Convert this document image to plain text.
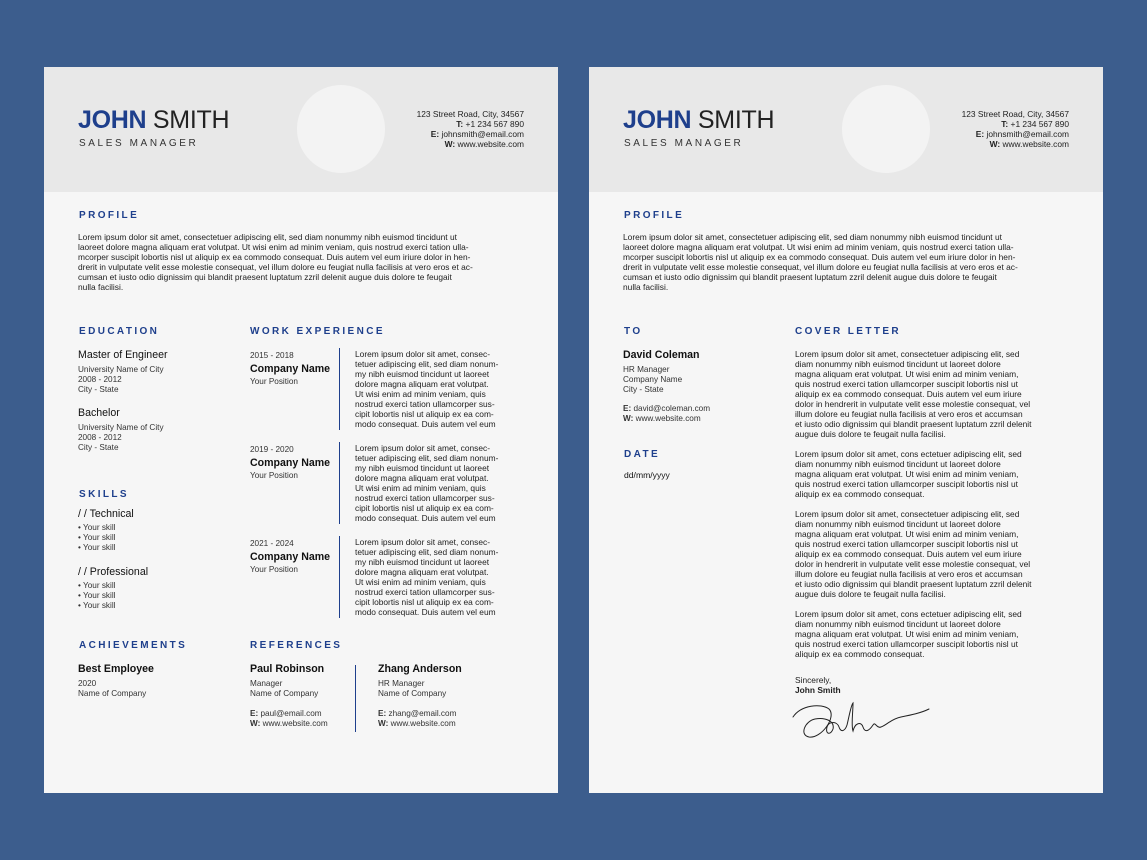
JOHN SMITH
SALES MANAGER
123 Street Road, City, 34567
T: +1 234 567 890
E: johnsmith@email.com
W: www.website.com
PROFILE
Lorem ipsum dolor sit amet, consectetuer adipiscing elit, sed diam nonummy nibh euismod tincidunt ut
laoreet dolore magna aliquam erat volutpat. Ut wisi enim ad minim veniam, quis nostrud exerci tation ulla-
mcorper suscipit lobortis nisl ut aliquip ex ea commodo consequat. Duis autem vel eum iriure dolor in hen-
drerit in vulputate velit esse molestie consequat, vel illum dolore eu feugiat nulla facilisis at vero eros et ac-
cumsan et iusto odio dignissim qui blandit praesent luptatum zzril delenit augue duis dolore te feugait
nulla facilisi.
EDUCATION
Master of Engineer
University Name of City
2008 - 2012
City - State
Bachelor
University Name of City
2008 - 2012
City - State
SKILLS
/ / Technical
• Your skill
• Your skill
• Your skill
/ / Professional
• Your skill
• Your skill
• Your skill
WORK EXPERIENCE
2015 - 2018
Company Name
Your Position
Lorem ipsum dolor sit amet, consec-
tetuer adipiscing elit, sed diam nonum-
my nibh euismod tincidunt ut laoreet
dolore magna aliquam erat volutpat.
Ut wisi enim ad minim veniam, quis
nostrud exerci tation ullamcorper sus-
cipit lobortis nisl ut aliquip ex ea com-
modo consequat. Duis autem vel eum
2019 - 2020
Company Name
Your Position
Lorem ipsum dolor sit amet, consec-
tetuer adipiscing elit, sed diam nonum-
my nibh euismod tincidunt ut laoreet
dolore magna aliquam erat volutpat.
Ut wisi enim ad minim veniam, quis
nostrud exerci tation ullamcorper sus-
cipit lobortis nisl ut aliquip ex ea com-
modo consequat. Duis autem vel eum
2021 - 2024
Company Name
Your Position
Lorem ipsum dolor sit amet, consec-
tetuer adipiscing elit, sed diam nonum-
my nibh euismod tincidunt ut laoreet
dolore magna aliquam erat volutpat.
Ut wisi enim ad minim veniam, quis
nostrud exerci tation ullamcorper sus-
cipit lobortis nisl ut aliquip ex ea com-
modo consequat. Duis autem vel eum
ACHIEVEMENTS
Best Employee
2020
Name of Company
REFERENCES
Paul Robinson
Manager
Name of Company
E: paul@email.com
W: www.website.com
Zhang Anderson
HR Manager
Name of Company
E: zhang@email.com
W: www.website.com
JOHN SMITH
SALES MANAGER
123 Street Road, City, 34567
T: +1 234 567 890
E: johnsmith@email.com
W: www.website.com
PROFILE
Lorem ipsum dolor sit amet, consectetuer adipiscing elit, sed diam nonummy nibh euismod tincidunt ut
laoreet dolore magna aliquam erat volutpat. Ut wisi enim ad minim veniam, quis nostrud exerci tation ulla-
mcorper suscipit lobortis nisl ut aliquip ex ea commodo consequat. Duis autem vel eum iriure dolor in hen-
drerit in vulputate velit esse molestie consequat, vel illum dolore eu feugiat nulla facilisis at vero eros et ac-
cumsan et iusto odio dignissim qui blandit praesent luptatum zzril delenit augue duis dolore te feugait
nulla facilisi.
TO
David Coleman
HR Manager
Company Name
City - State
E: david@coleman.com
W: www.website.com
DATE
dd/mm/yyyy
COVER LETTER
Lorem ipsum dolor sit amet, consectetuer adipiscing elit, sed
diam nonummy nibh euismod tincidunt ut laoreet dolore
magna aliquam erat volutpat. Ut wisi enim ad minim veniam,
quis nostrud exerci tation ullamcorper suscipit lobortis nisl ut
aliquip ex ea commodo consequat. Duis autem vel eum iriure
dolor in hendrerit in vulputate velit esse molestie consequat, vel
illum dolore eu feugiat nulla facilisis at vero eros et accumsan
et iusto odio dignissim qui blandit praesent luptatum zzril delenit
augue duis dolore te feugait nulla facilisi.
Lorem ipsum dolor sit amet, cons ectetuer adipiscing elit, sed
diam nonummy nibh euismod tincidunt ut laoreet dolore
magna aliquam erat volutpat. Ut wisi enim ad minim veniam,
quis nostrud exerci tation ullamcorper suscipit lobortis nisl ut
aliquip ex ea commodo consequat.
Lorem ipsum dolor sit amet, consectetuer adipiscing elit, sed
diam nonummy nibh euismod tincidunt ut laoreet dolore
magna aliquam erat volutpat. Ut wisi enim ad minim veniam,
quis nostrud exerci tation ullamcorper suscipit lobortis nisl ut
aliquip ex ea commodo consequat. Duis autem vel eum iriure
dolor in hendrerit in vulputate velit esse molestie consequat, vel
illum dolore eu feugiat nulla facilisis at vero eros et accumsan
et iusto odio dignissim qui blandit praesent luptatum zzril delenit
augue duis dolore te feugait nulla facilisi.
Lorem ipsum dolor sit amet, cons ectetuer adipiscing elit, sed
diam nonummy nibh euismod tincidunt ut laoreet dolore
magna aliquam erat volutpat. Ut wisi enim ad minim veniam,
quis nostrud exerci tation ullamcorper suscipit lobortis nisl ut
aliquip ex ea commodo consequat.
Sincerely,
John Smith
